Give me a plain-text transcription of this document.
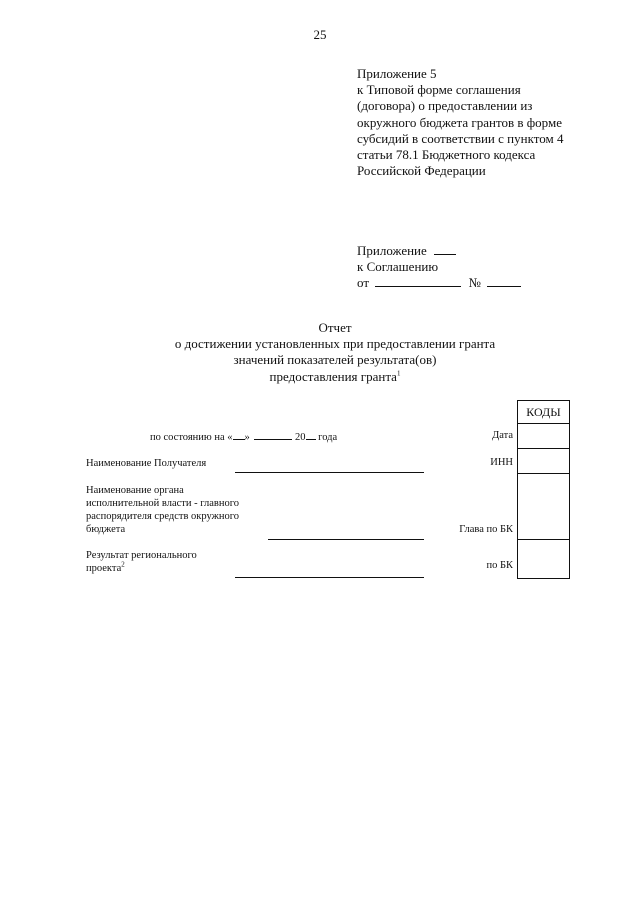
25
Приложение 5
к Типовой форме соглашения
(договора) о предоставлении из
окружного бюджета грантов в форме
субсидий в соответствии с пунктом 4
статьи 78.1 Бюджетного кодекса
Российской Федерации
Приложение
к Соглашению
от	№
Отчет
о достижении установленных при предоставлении гранта
значений показателей результата(ов)
предоставления гранта$^1$
по состоянию на « »	20 года
Наименование Получателя
Наименование органа
исполнительной власти - главного
распорядителя средств окружного
бюджета
Результат регионального
проекта$^2$
Дата
ИНН
Глава по БК
по БК
КОДЫ
